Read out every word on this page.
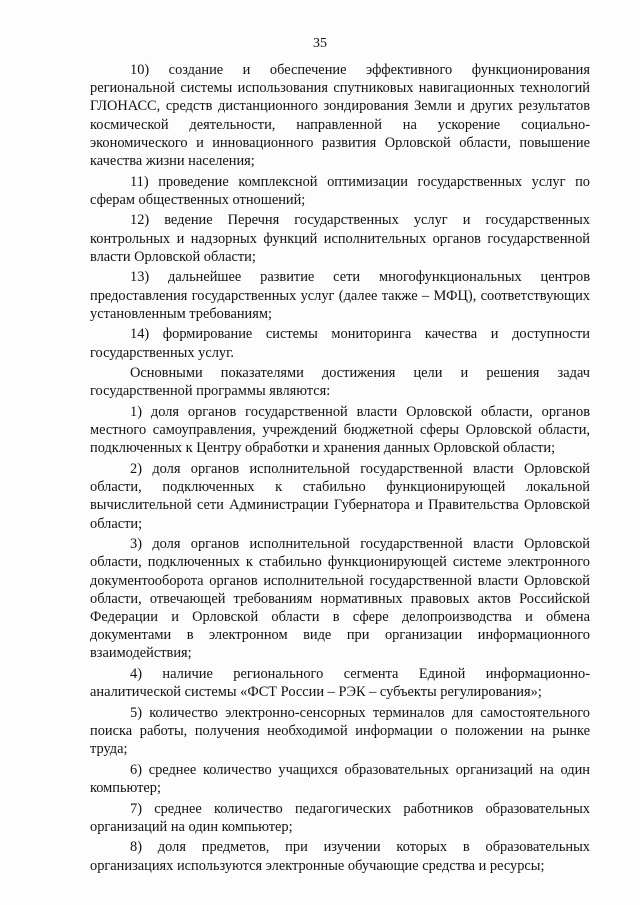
35

10) создание и обеспечение эффективного функционирования региональной системы использования спутниковых навигационных технологий ГЛОНАСС, средств дистанционного зондирования Земли и других результатов космической деятельности, направленной на ускорение социально-экономического и инновационного развития Орловской области, повышение качества жизни населения;

11) проведение комплексной оптимизации государственных услуг по сферам общественных отношений;

12) ведение Перечня государственных услуг и государственных контрольных и надзорных функций исполнительных органов государственной власти Орловской области;

13) дальнейшее развитие сети многофункциональных центров предоставления государственных услуг (далее также – МФЦ), соответствующих установленным требованиям;

14) формирование системы мониторинга качества и доступности государственных услуг.

Основными показателями достижения цели и решения задач государственной программы являются:

1) доля органов государственной власти Орловской области, органов местного самоуправления, учреждений бюджетной сферы Орловской области, подключенных к Центру обработки и хранения данных Орловской области;

2) доля органов исполнительной государственной власти Орловской области, подключенных к стабильно функционирующей локальной вычислительной сети Администрации Губернатора и Правительства Орловской области;

3) доля органов исполнительной государственной власти Орловской области, подключенных к стабильно функционирующей системе электронного документооборота органов исполнительной государственной власти Орловской области, отвечающей требованиям нормативных правовых актов Российской Федерации и Орловской области в сфере делопроизводства и обмена документами в электронном виде при организации информационного взаимодействия;

4) наличие регионального сегмента Единой информационно-аналитической системы «ФСТ России – РЭК – субъекты регулирования»;

5) количество электронно-сенсорных терминалов для самостоятельного поиска работы, получения необходимой информации о положении на рынке труда;

6) среднее количество учащихся образовательных организаций на один компьютер;

7) среднее количество педагогических работников образовательных организаций на один компьютер;

8) доля предметов, при изучении которых в образовательных организациях используются электронные обучающие средства и ресурсы;
